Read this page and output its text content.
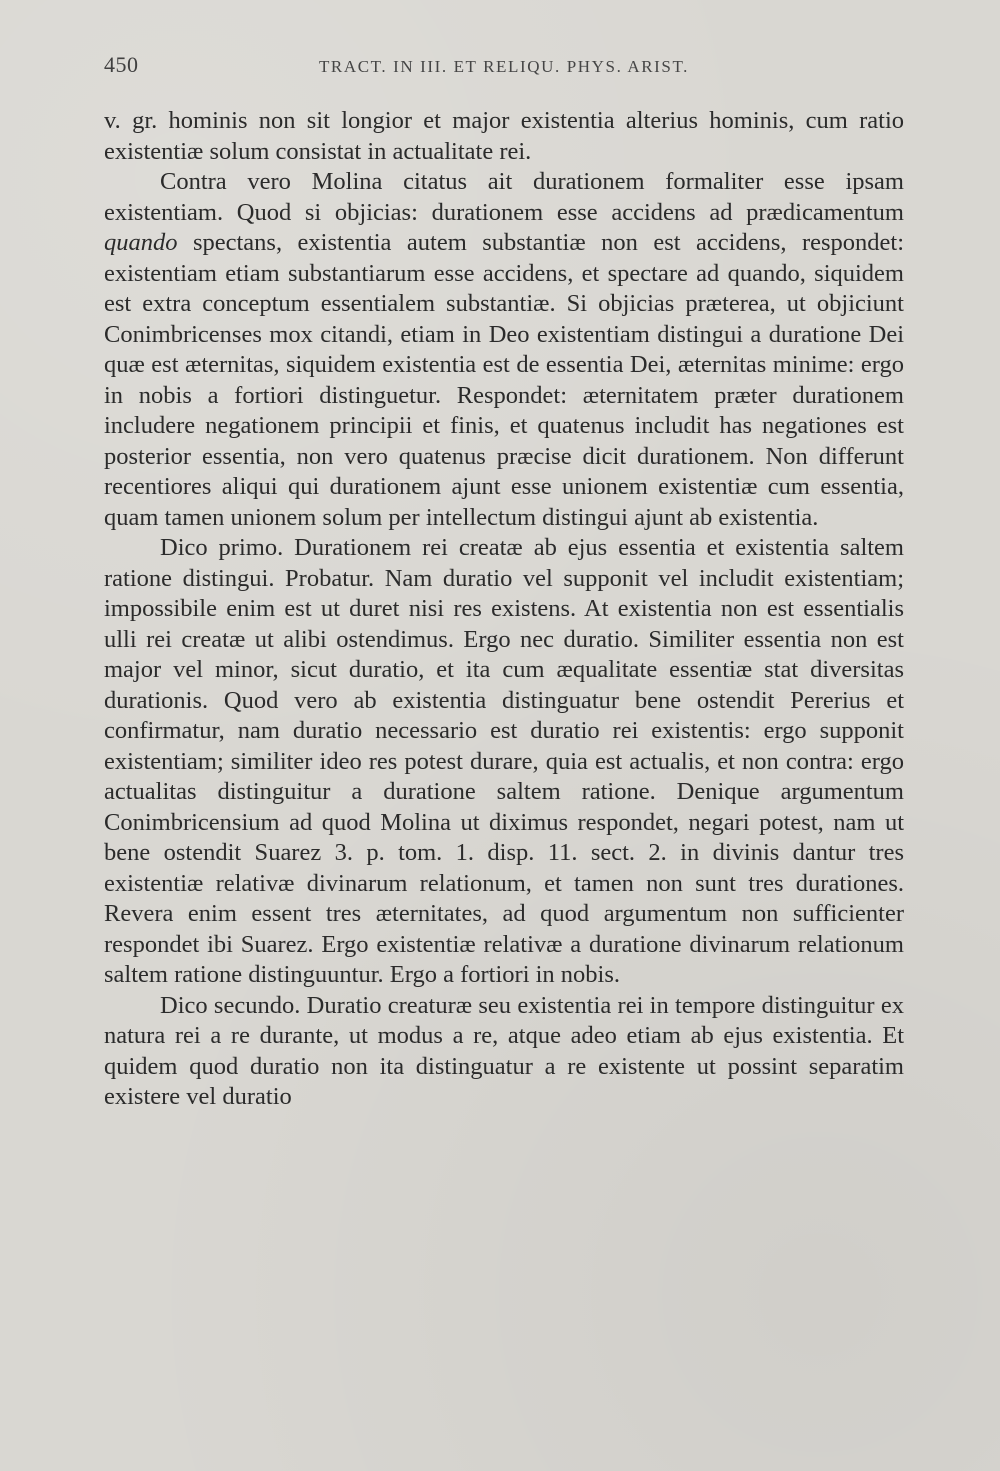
450	TRACT. IN III. ET RELIQU. PHYS. ARIST.

v. gr. hominis non sit longior et major existentia alterius hominis, cum ratio existentiæ solum consistat in actualitate rei.

Contra vero Molina citatus ait durationem formaliter esse ipsam existentiam. Quod si objicias: durationem esse accidens ad prædicamentum quando spectans, existentia autem substantiæ non est accidens, respondet: existentiam etiam substantiarum esse accidens, et spectare ad quando, siquidem est extra conceptum essentialem substantiæ. Si objicias præterea, ut objiciunt Conimbricenses mox citandi, etiam in Deo existentiam distingui a duratione Dei quæ est æternitas, siquidem existentia est de essentia Dei, æternitas minime: ergo in nobis a fortiori distinguetur. Respondet: æternitatem præter durationem includere negationem principii et finis, et quatenus includit has negationes est posterior essentia, non vero quatenus præcise dicit durationem. Non differunt recentiores aliqui qui durationem ajunt esse unionem existentiæ cum essentia, quam tamen unionem solum per intellectum distingui ajunt ab existentia.

Dico primo. Durationem rei creatæ ab ejus essentia et existentia saltem ratione distingui. Probatur. Nam duratio vel supponit vel includit existentiam; impossibile enim est ut duret nisi res existens. At existentia non est essentialis ulli rei creatæ ut alibi ostendimus. Ergo nec duratio. Similiter essentia non est major vel minor, sicut duratio, et ita cum æqualitate essentiæ stat diversitas durationis. Quod vero ab existentia distinguatur bene ostendit Pererius et confirmatur, nam duratio necessario est duratio rei existentis: ergo supponit existentiam; similiter ideo res potest durare, quia est actualis, et non contra: ergo actualitas distinguitur a duratione saltem ratione. Denique argumentum Conimbricensium ad quod Molina ut diximus respondet, negari potest, nam ut bene ostendit Suarez 3. p. tom. 1. disp. 11. sect. 2. in divinis dantur tres existentiæ relativæ divinarum relationum, et tamen non sunt tres durationes. Revera enim essent tres æternitates, ad quod argumentum non sufficienter respondet ibi Suarez. Ergo existentiæ relativæ a duratione divinarum relationum saltem ratione distinguuntur. Ergo a fortiori in nobis.

Dico secundo. Duratio creaturæ seu existentia rei in tempore distinguitur ex natura rei a re durante, ut modus a re, atque adeo etiam ab ejus existentia. Et quidem quod duratio non ita distinguatur a re existente ut possint separatim existere vel duratio
